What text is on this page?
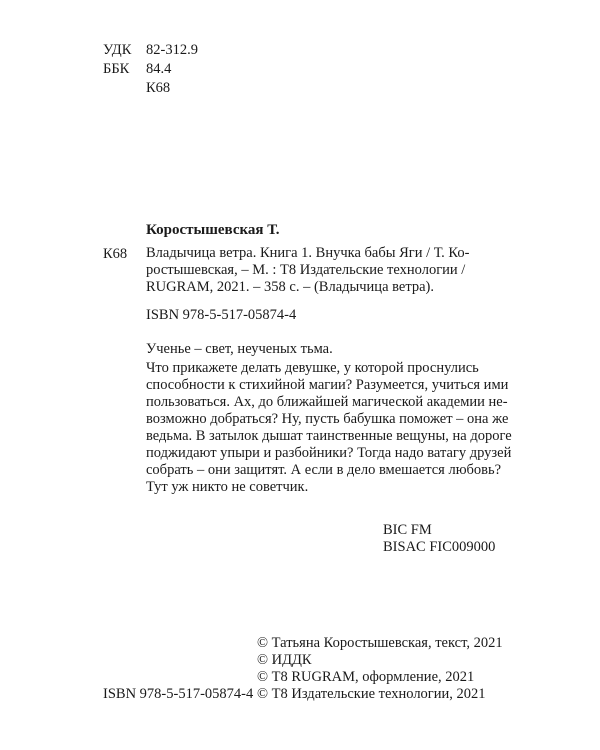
УДК 82-312.9
ББК 84.4
К68
Коростышевская Т.
К68 Владычица ветра. Книга 1. Внучка бабы Яги / Т. Ко-
ростышевская, – М. : Т8 Издательские технологии /
RUGRAM, 2021. – 358 с. – (Владычица ветра).
ISBN 978-5-517-05874-4
Ученье – свет, неученых тьма.
Что прикажете делать девушке, у которой проснулись
способности к стихийной магии? Разумеется, учиться ими
пользоваться. Ах, до ближайшей магической академии не-
возможно добраться? Ну, пусть бабушка поможет – она же
ведьма. В затылок дышат таинственные вещуны, на дороге
поджидают упыри и разбойники? Тогда надо ватагу друзей
собрать – они защитят. А если в дело вмешается любовь?
Тут уж никто не советчик.
BIC FM
BISAC FIC009000
© Татьяна Коростышевская, текст, 2021
© ИДДК
© Т8 RUGRAM, оформление, 2021
© Т8 Издательские технологии, 2021
ISBN 978-5-517-05874-4
